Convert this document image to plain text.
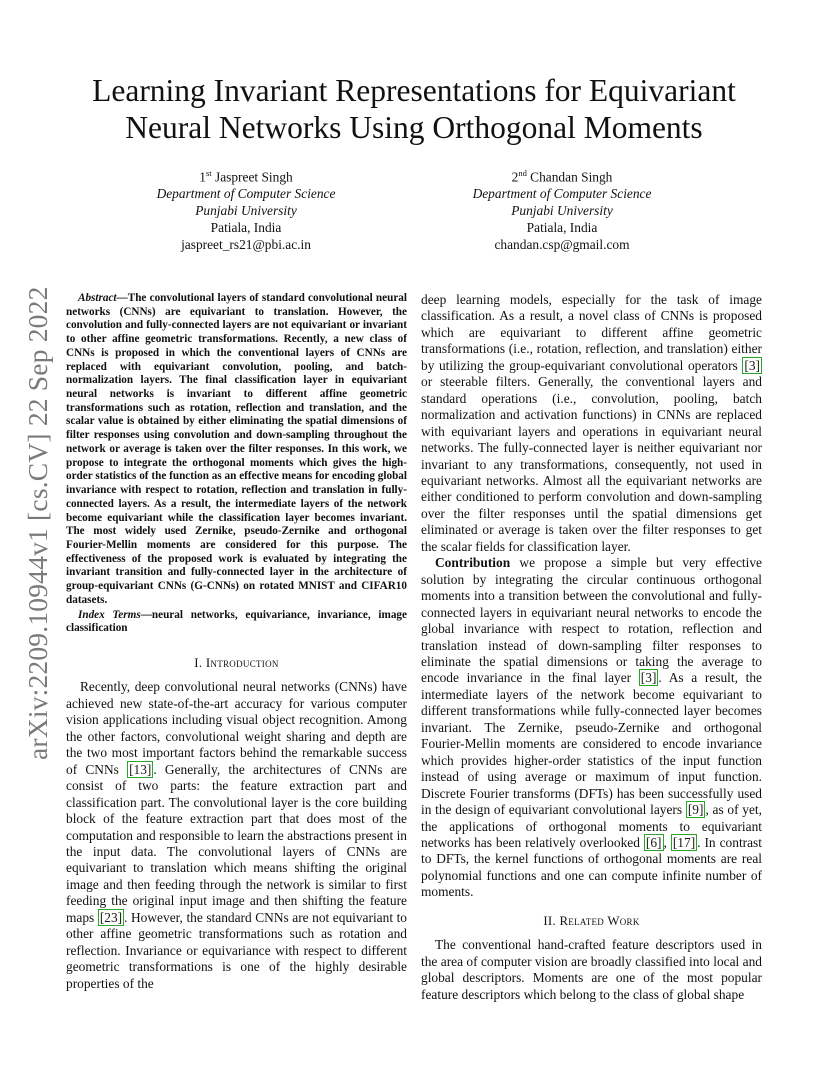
arXiv:2209.10944v1 [cs.CV] 22 Sep 2022
Learning Invariant Representations for Equivariant
Neural Networks Using Orthogonal Moments
1st Jaspreet Singh
Department of Computer Science
Punjabi University
Patiala, India
jaspreet_rs21@pbi.ac.in
2nd Chandan Singh
Department of Computer Science
Punjabi University
Patiala, India
chandan.csp@gmail.com

Abstract—The convolutional layers of standard convolutional neural networks (CNNs) are equivariant to translation. However, the convolution and fully-connected layers are not equivariant or invariant to other affine geometric transformations. Recently, a new class of CNNs is proposed in which the conventional layers of CNNs are replaced with equivariant convolution, pooling, and batch-normalization layers. The final classification layer in equivariant neural networks is invariant to different affine geometric transformations such as rotation, reflection and translation, and the scalar value is obtained by either eliminating the spatial dimensions of filter responses using convolution and down-sampling throughout the network or average is taken over the filter responses. In this work, we propose to integrate the orthogonal moments which gives the high-order statistics of the function as an effective means for encoding global invariance with respect to rotation, reflection and translation in fully-connected layers. As a result, the intermediate layers of the network become equivariant while the classification layer becomes invariant. The most widely used Zernike, pseudo-Zernike and orthogonal Fourier-Mellin moments are considered for this purpose. The effectiveness of the proposed work is evaluated by integrating the invariant transition and fully-connected layer in the architecture of group-equivariant CNNs (G-CNNs) on rotated MNIST and CIFAR10 datasets.

Index Terms—neural networks, equivariance, invariance, image classification

I. Introduction

Recently, deep convolutional neural networks (CNNs) have achieved new state-of-the-art accuracy for various computer vision applications including visual object recognition. Among the other factors, convolutional weight sharing and depth are the two most important factors behind the remarkable success of CNNs [13] . Generally, the architectures of CNNs are consist of two parts: the feature extraction part and classification part. The convolutional layer is the core building block of the feature extraction part that does most of the computation and responsible to learn the abstractions present in the input data. The convolutional layers of CNNs are equivariant to translation which means shifting the original image and then feeding through the network is similar to first feeding the original input image and then shifting the feature maps [23] . However, the standard CNNs are not equivariant to other affine geometric transformations such as rotation and reflection. Invariance or equivariance with respect to different geometric transformations is one of the highly desirable properties of the

deep learning models, especially for the task of image classification. As a result, a novel class of CNNs is proposed which are equivariant to different affine geometric transformations (i.e., rotation, reflection, and translation) either by utilizing the group-equivariant convolutional operators [3] or steerable filters. Generally, the conventional layers and standard operations (i.e., convolution, pooling, batch normalization and activation functions) in CNNs are replaced with equivariant layers and operations in equivariant neural networks. The fully-connected layer is neither equivariant nor invariant to any transformations, consequently, not used in equivariant networks. Almost all the equivariant networks are either conditioned to perform convolution and down-sampling over the filter responses until the spatial dimensions get eliminated or average is taken over the filter responses to get the scalar fields for classification layer.

Contribution we propose a simple but very effective solution by integrating the circular continuous orthogonal moments into a transition between the convolutional and fully-connected layers in equivariant neural networks to encode the global invariance with respect to rotation, reflection and translation instead of down-sampling filter responses to eliminate the spatial dimensions or taking the average to encode invariance in the final layer [3] . As a result, the intermediate layers of the network become equivariant to different transformations while fully-connected layer becomes invariant. The Zernike, pseudo-Zernike and orthogonal Fourier-Mellin moments are considered to encode invariance which provides higher-order statistics of the input function instead of using average or maximum of input function. Discrete Fourier transforms (DFTs) has been successfully used in the design of equivariant convolutional layers [9] , as of yet, the applications of orthogonal moments to equivariant networks has been relatively overlooked [6] , [17] . In contrast to DFTs, the kernel functions of orthogonal moments are real polynomial functions and one can compute infinite number of moments.

II. Related Work

The conventional hand-crafted feature descriptors used in the area of computer vision are broadly classified into local and global descriptors. Moments are one of the most popular feature descriptors which belong to the class of global shape
